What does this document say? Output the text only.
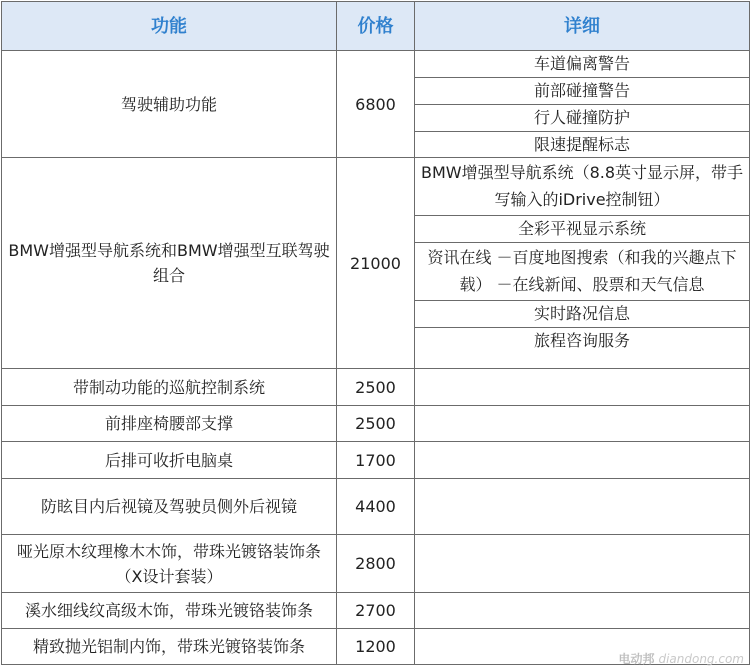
功能	价格	详细
驾驶辅助功能	6800	车道偏离警告
前部碰撞警告
行人碰撞防护
限速提醒标志

BMW增强型导航系统和BMW增强型互联驾驶组合	21000	BMW增强型导航系统（8.8英寸显示屏，带手写输入的iDrive控制钮）
全彩平视显示系统
资讯在线 －百度地图搜索（和我的兴趣点下载） －在线新闻、股票和天气信息
实时路况信息
旅程咨询服务

带制动功能的巡航控制系统	2500	
前排座椅腰部支撑	2500	
后排可收折电脑桌	1700	
防眩目内后视镜及驾驶员侧外后视镜	4400	
哑光原木纹理橡木木饰，带珠光镀铬装饰条 （X设计套装）	2800	
溪水细线纹高级木饰，带珠光镀铬装饰条	2700	
精致抛光铝制内饰，带珠光镀铬装饰条	1200	
电动邦 diandong.com
